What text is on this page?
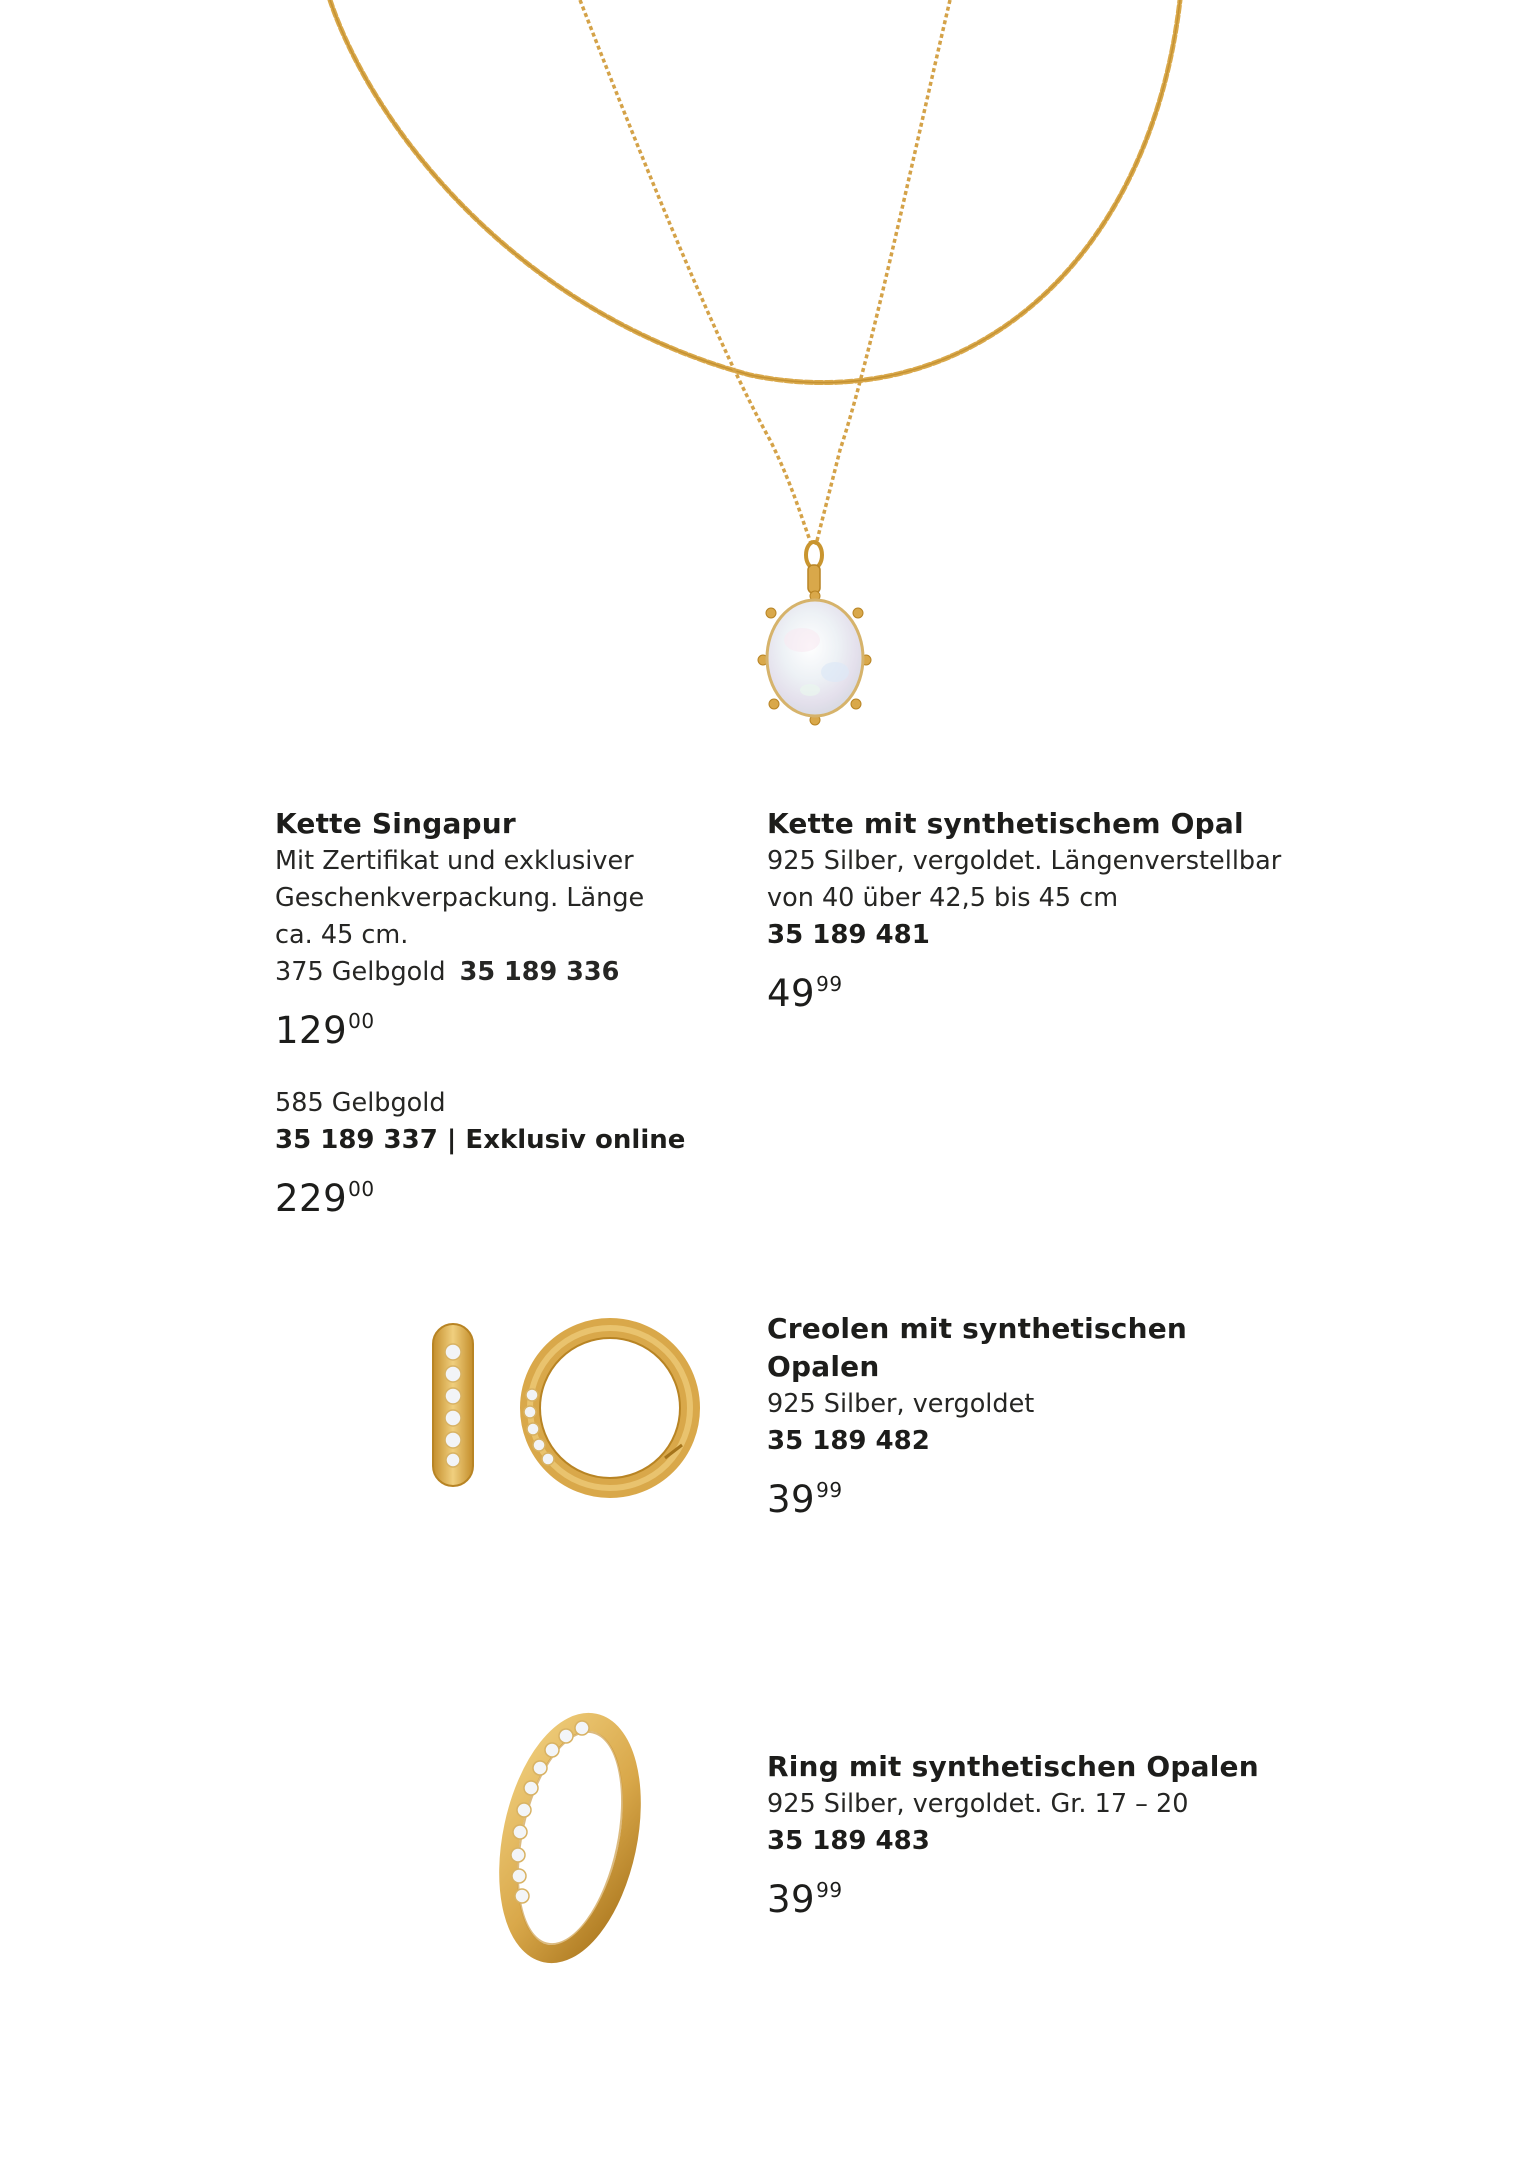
Kette Singapur

Mit Zertifikat und exklusiver

Geschenkverpackung. Länge

ca. 45 cm.

375 Gelbgold 35 189 336

$129^{00}$

585 Gelbgold

35 189 337 | Exklusiv online

$229^{00}$

Kette mit synthetischem Opal

925 Silber, vergoldet. Längenverstellbar

von 40 über 42,5 bis 45 cm

35 189 481

$49^{99}$

Creolen mit synthetischen

Opalen

925 Silber, vergoldet

35 189 482

$39^{99}$

Ring mit synthetischen Opalen

925 Silber, vergoldet. Gr. 17 – 20

35 189 483

$39^{99}$
